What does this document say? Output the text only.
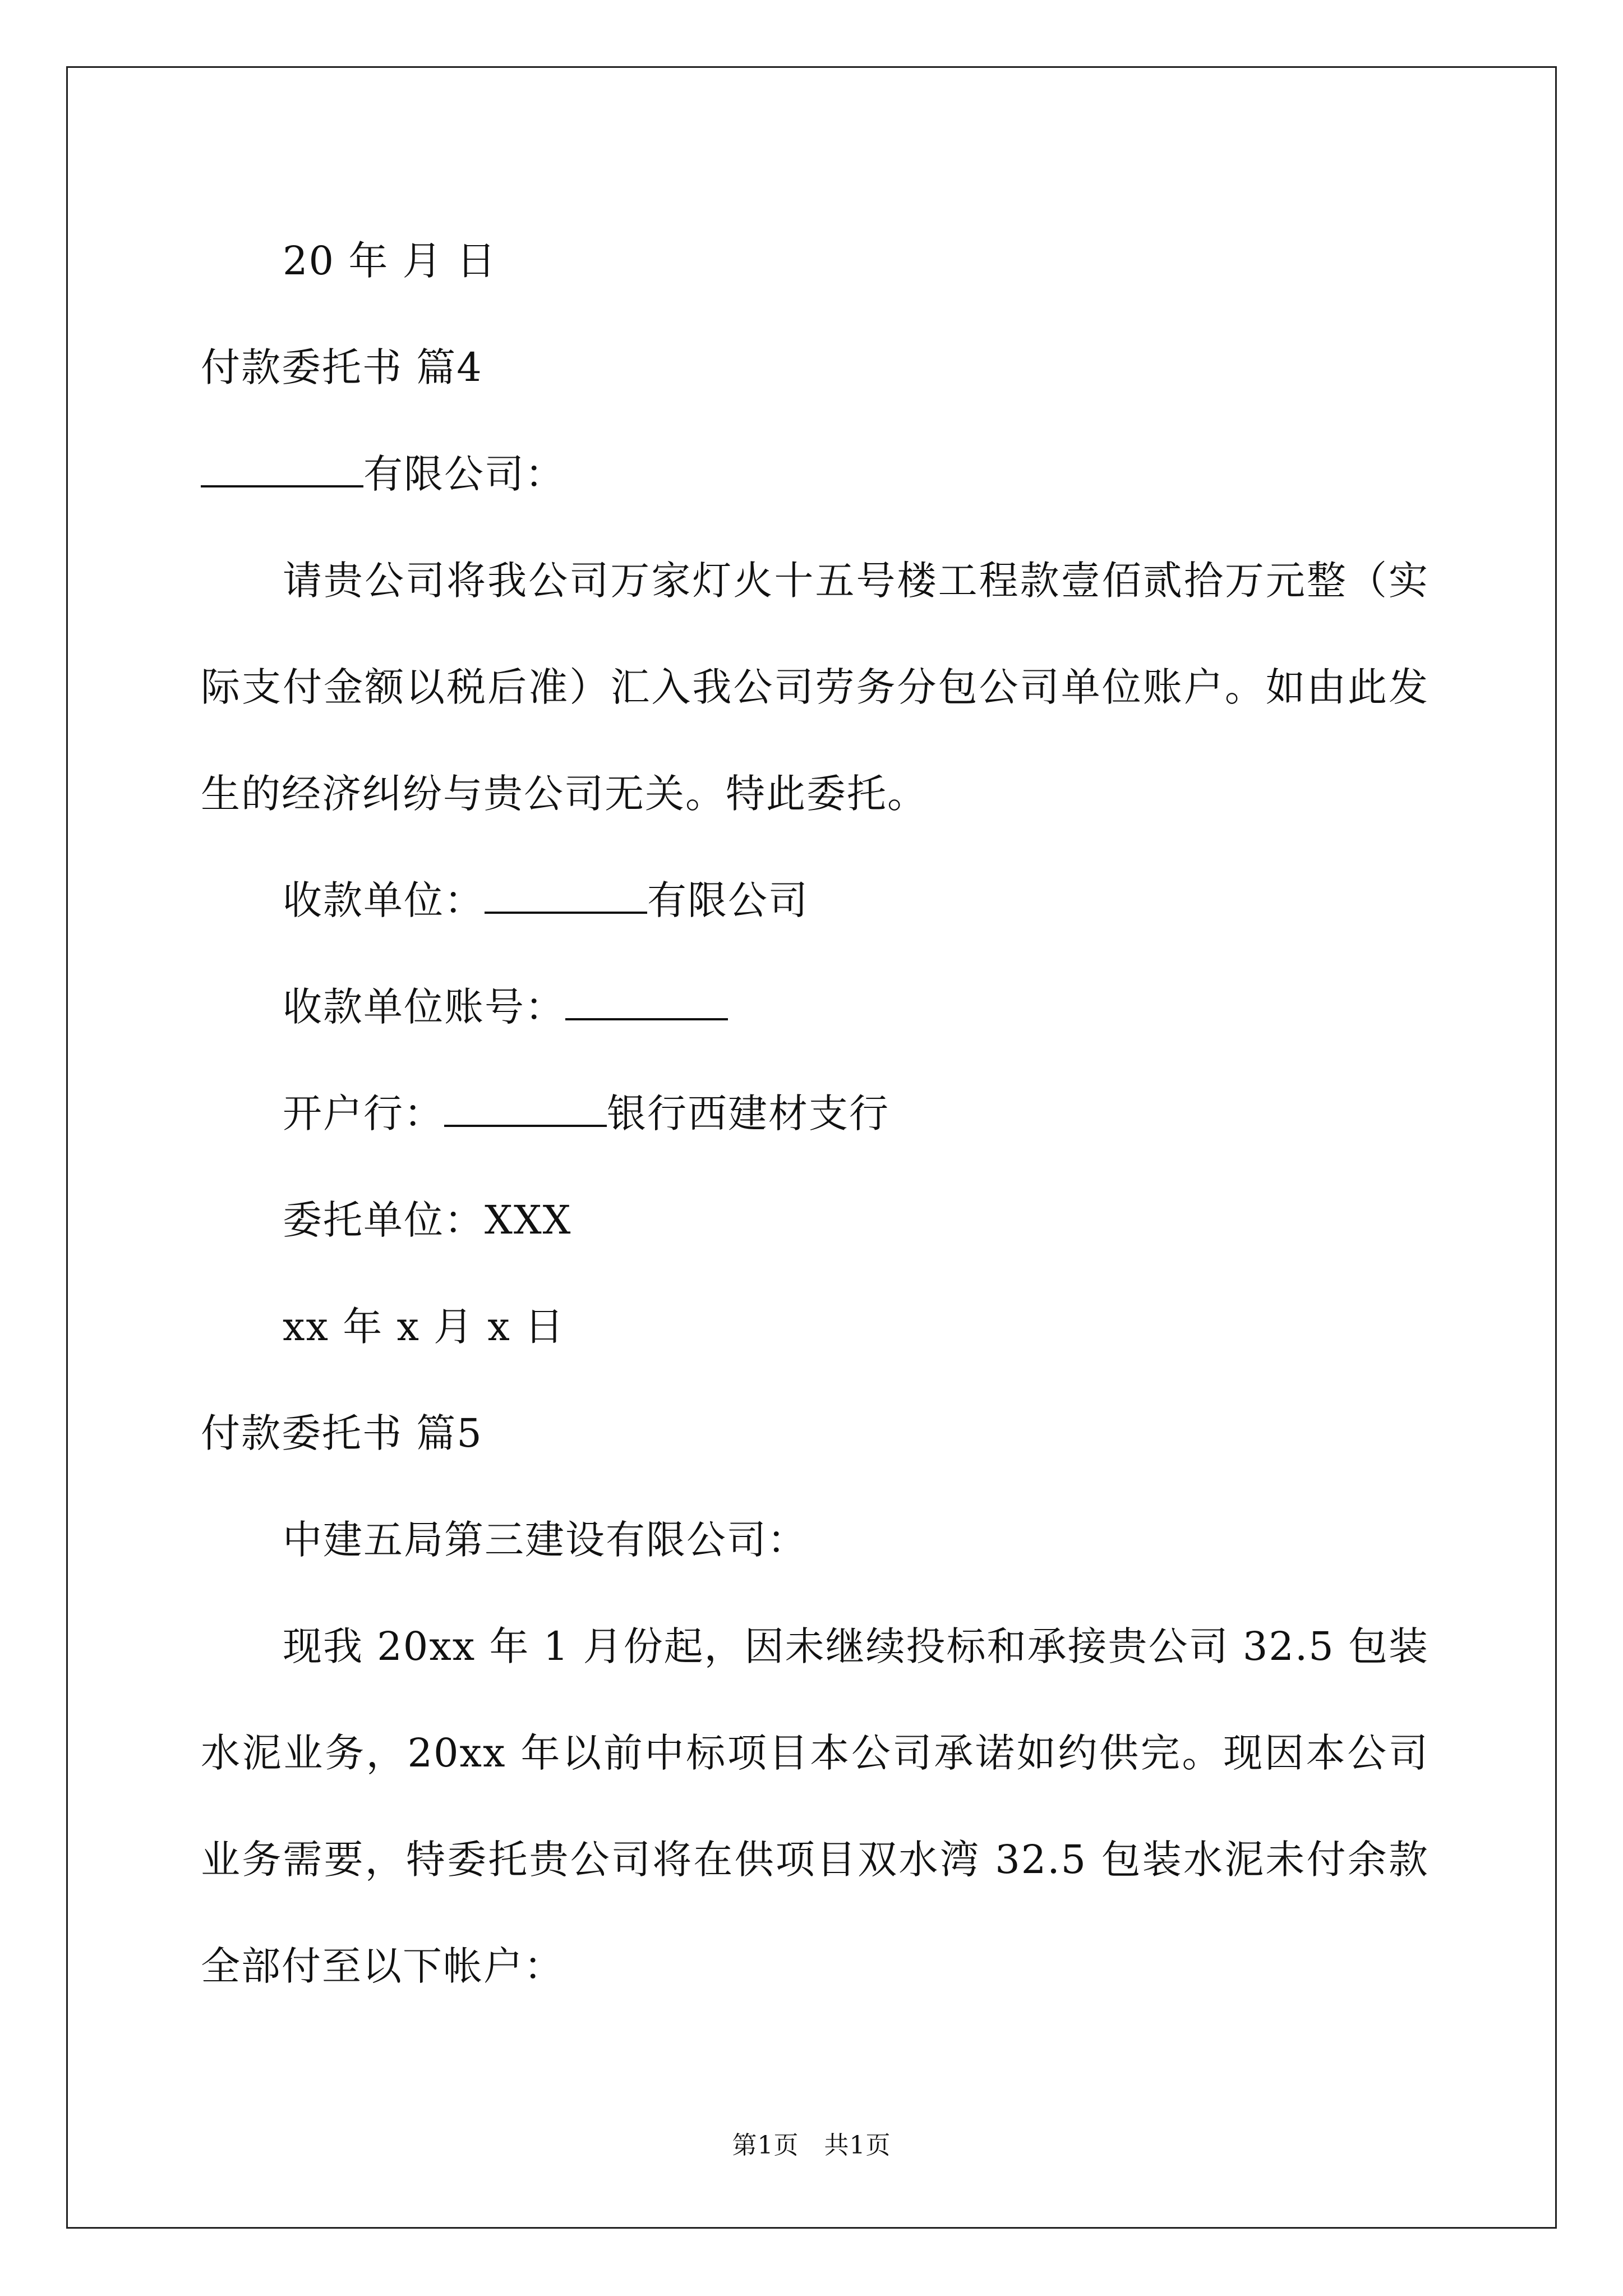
20 年 月 日

付款委托书 篇4

有限公司：

请贵公司将我公司万家灯火十五号楼工程款壹佰贰拾万元整（实际支付金额以税后准）汇入我公司劳务分包公司单位账户。如由此发生的经济纠纷与贵公司无关。特此委托。

收款单位：	有限公司

收款单位账号：

开户行：	银行西建材支行

委托单位：XXX

xx 年 x 月 x 日

付款委托书 篇5

中建五局第三建设有限公司：

现我 20xx 年 1 月份起，因未继续投标和承接贵公司 32.5 包装水泥业务，20xx 年以前中标项目本公司承诺如约供完。现因本公司业务需要，特委托贵公司将在供项目双水湾 32.5 包装水泥未付余款全部付至以下帐户：

第1页　共1页
